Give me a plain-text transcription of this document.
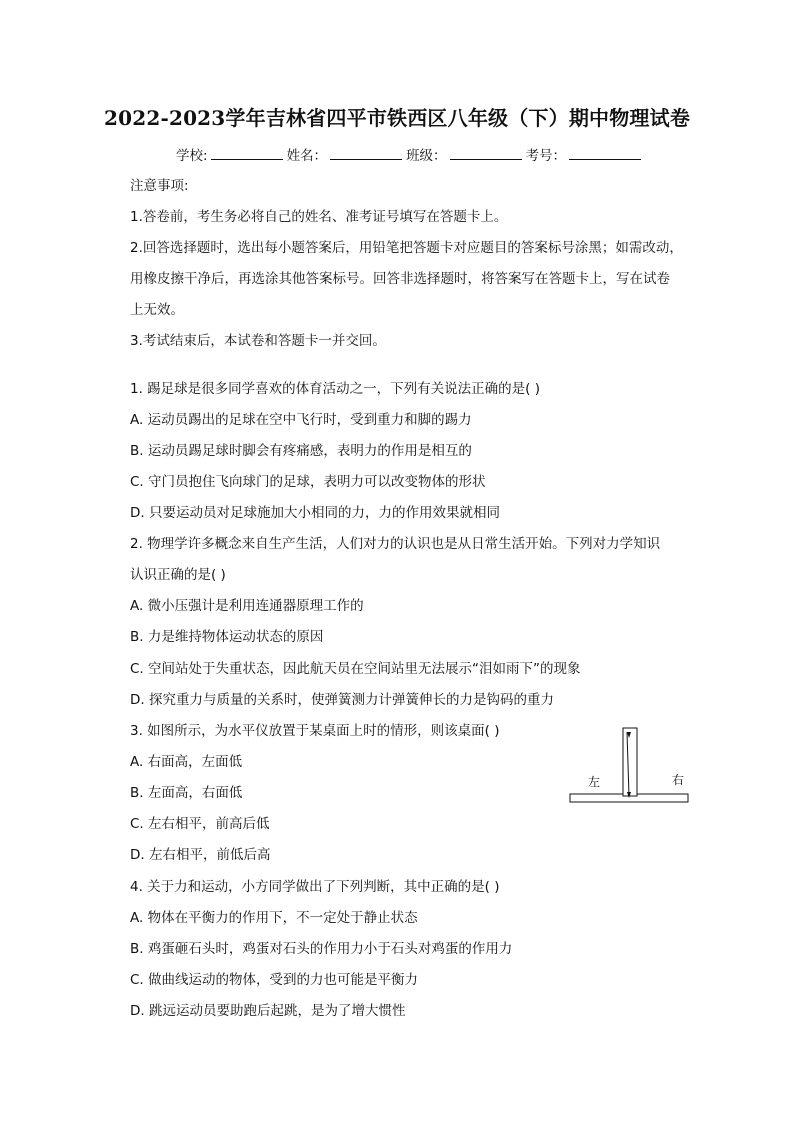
2022-2023学年吉林省四平市铁西区八年级（下）期中物理试卷
学校:	姓名：	班级：	考号：
注意事项:
1.答卷前，考生务必将自己的姓名、准考证号填写在答题卡上。
2.回答选择题时，选出每小题答案后，用铅笔把答题卡对应题目的答案标号涂黑；如需改动，
用橡皮擦干净后，再选涂其他答案标号。回答非选择题时，将答案写在答题卡上，写在试卷
上无效。
3.考试结束后，本试卷和答题卡一并交回。
1. 踢足球是很多同学喜欢的体育活动之一，下列有关说法正确的是( )
A. 运动员踢出的足球在空中飞行时，受到重力和脚的踢力
B. 运动员踢足球时脚会有疼痛感，表明力的作用是相互的
C. 守门员抱住飞向球门的足球，表明力可以改变物体的形状
D. 只要运动员对足球施加大小相同的力，力的作用效果就相同
2. 物理学许多概念来自生产生活，人们对力的认识也是从日常生活开始。下列对力学知识
认识正确的是( )
A. 微小压强计是利用连通器原理工作的
B. 力是维持物体运动状态的原因
C. 空间站处于失重状态，因此航天员在空间站里无法展示“泪如雨下”的现象
D. 探究重力与质量的关系时，使弹簧测力计弹簧伸长的力是钩码的重力
3. 如图所示，为水平仪放置于某桌面上时的情形，则该桌面( )
A. 右面高，左面低
B. 左面高，右面低
C. 左右相平，前高后低
D. 左右相平，前低后高
左	右
4. 关于力和运动，小方同学做出了下列判断，其中正确的是( )
A. 物体在平衡力的作用下，不一定处于静止状态
B. 鸡蛋砸石头时，鸡蛋对石头的作用力小于石头对鸡蛋的作用力
C. 做曲线运动的物体，受到的力也可能是平衡力
D. 跳远运动员要助跑后起跳，是为了增大惯性
